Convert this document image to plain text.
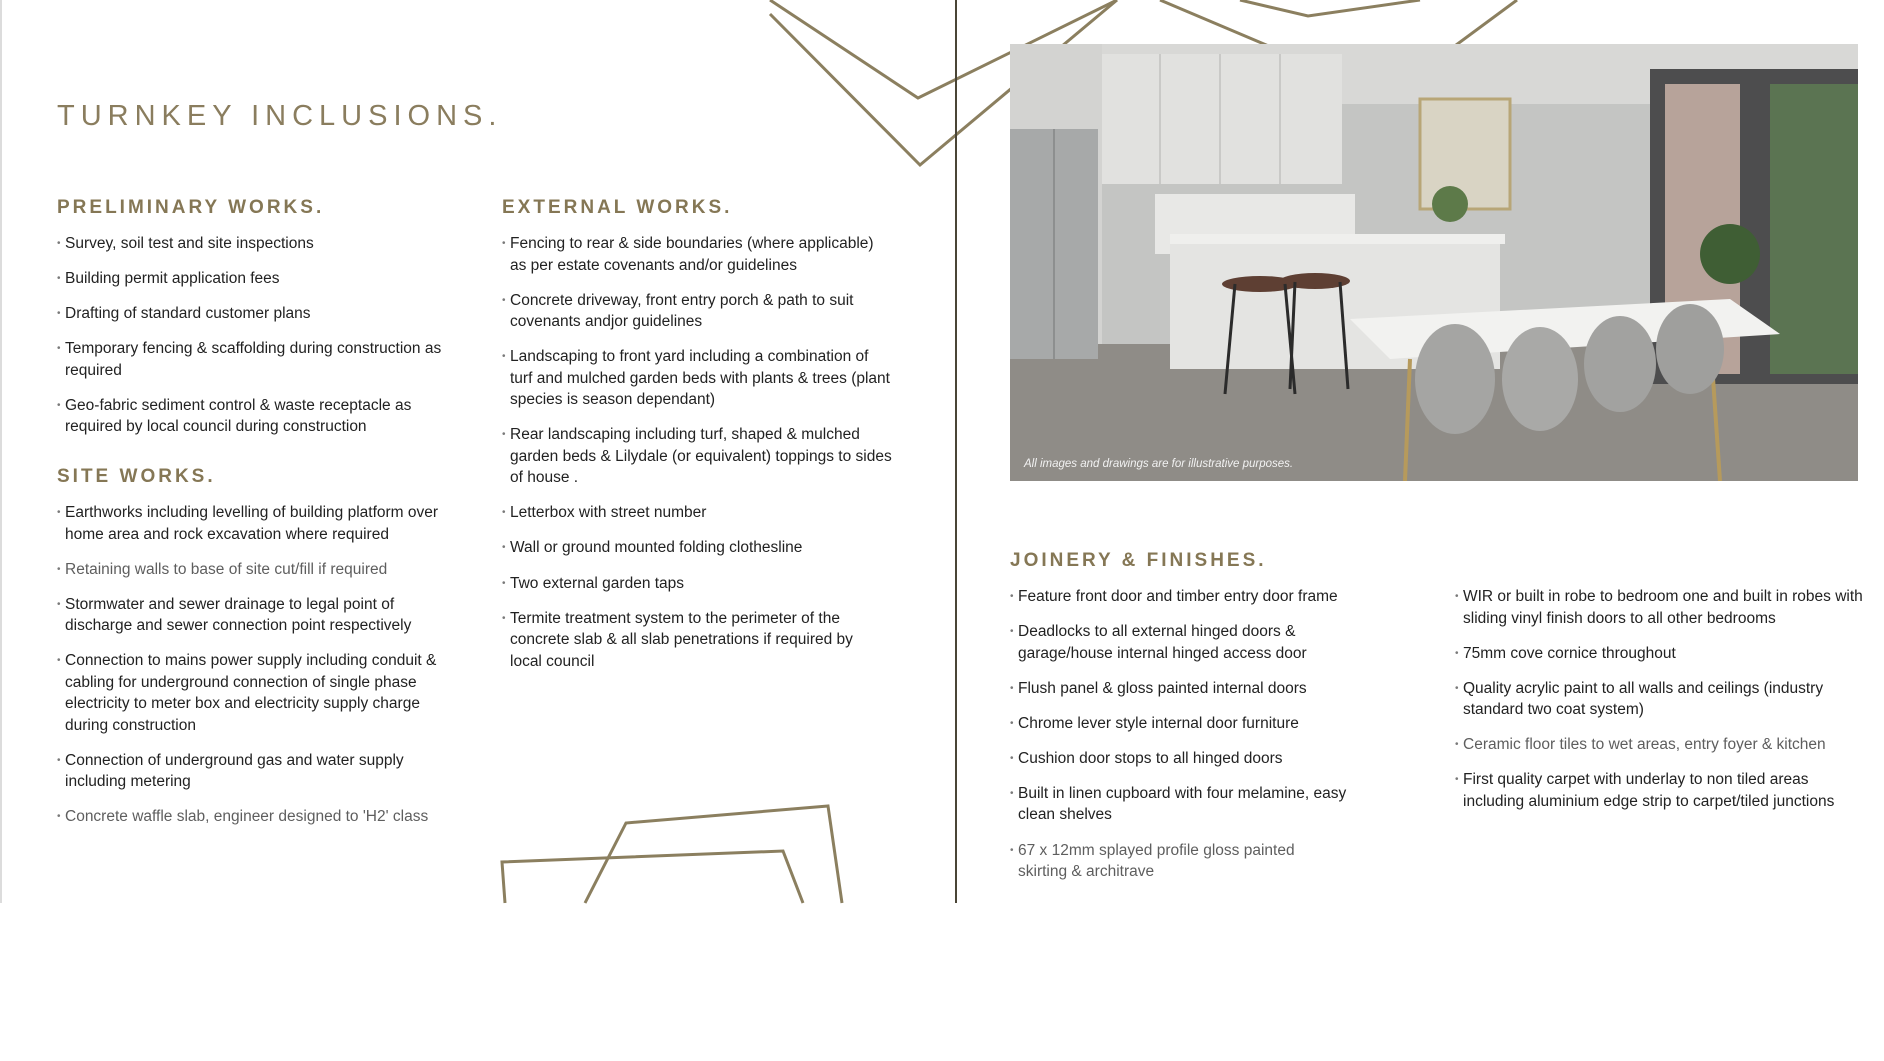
TURNKEY INCLUSIONS.
PRELIMINARY WORKS.
• Survey, soil test and site inspections
• Building permit application fees
• Drafting of standard customer plans
• Temporary fencing & scaffolding during construction as required
• Geo-fabric sediment control & waste receptacle as required by local council during construction
SITE WORKS.
• Earthworks including levelling of building platform over home area and rock excavation where required
• Retaining walls to base of site cut/fill if required
• Stormwater and sewer drainage to legal point of discharge and sewer connection point respectively
• Connection to mains power supply including conduit & cabling for underground connection of single phase electricity to meter box and electricity supply charge during construction
• Connection of underground gas and water supply including metering
• Concrete waffle slab, engineer designed to 'H2' class
EXTERNAL WORKS.
• Fencing to rear & side boundaries (where applicable) as per estate covenants and/or guidelines
• Concrete driveway, front entry porch & path to suit covenants andjor guidelines
• Landscaping to front yard including a combination of turf and mulched garden beds with plants & trees (plant species is season dependant)
• Rear landscaping including turf, shaped & mulched garden beds & Lilydale (or equivalent) toppings to sides of house .
• Letterbox with street number
• Wall or ground mounted folding clothesline
• Two external garden taps
• Termite treatment system to the perimeter of the concrete slab & all slab penetrations if required by local council
All images and drawings are for illustrative purposes.
JOINERY & FINISHES.
• Feature front door and timber entry door frame
• Deadlocks to all external hinged doors & garage/house internal hinged access door
• Flush panel & gloss painted internal doors
• Chrome lever style internal door furniture
• Cushion door stops to all hinged doors
• Built in linen cupboard with four melamine, easy clean shelves
• 67 x 12mm splayed profile gloss painted skirting & architrave
• WIR or built in robe to bedroom one and built in robes with sliding vinyl finish doors to all other bedrooms
• 75mm cove cornice throughout
• Quality acrylic paint to all walls and ceilings (industry standard two coat system)
• Ceramic floor tiles to wet areas, entry foyer & kitchen
• First quality carpet with underlay to non tiled areas including aluminium edge strip to carpet/tiled junctions
